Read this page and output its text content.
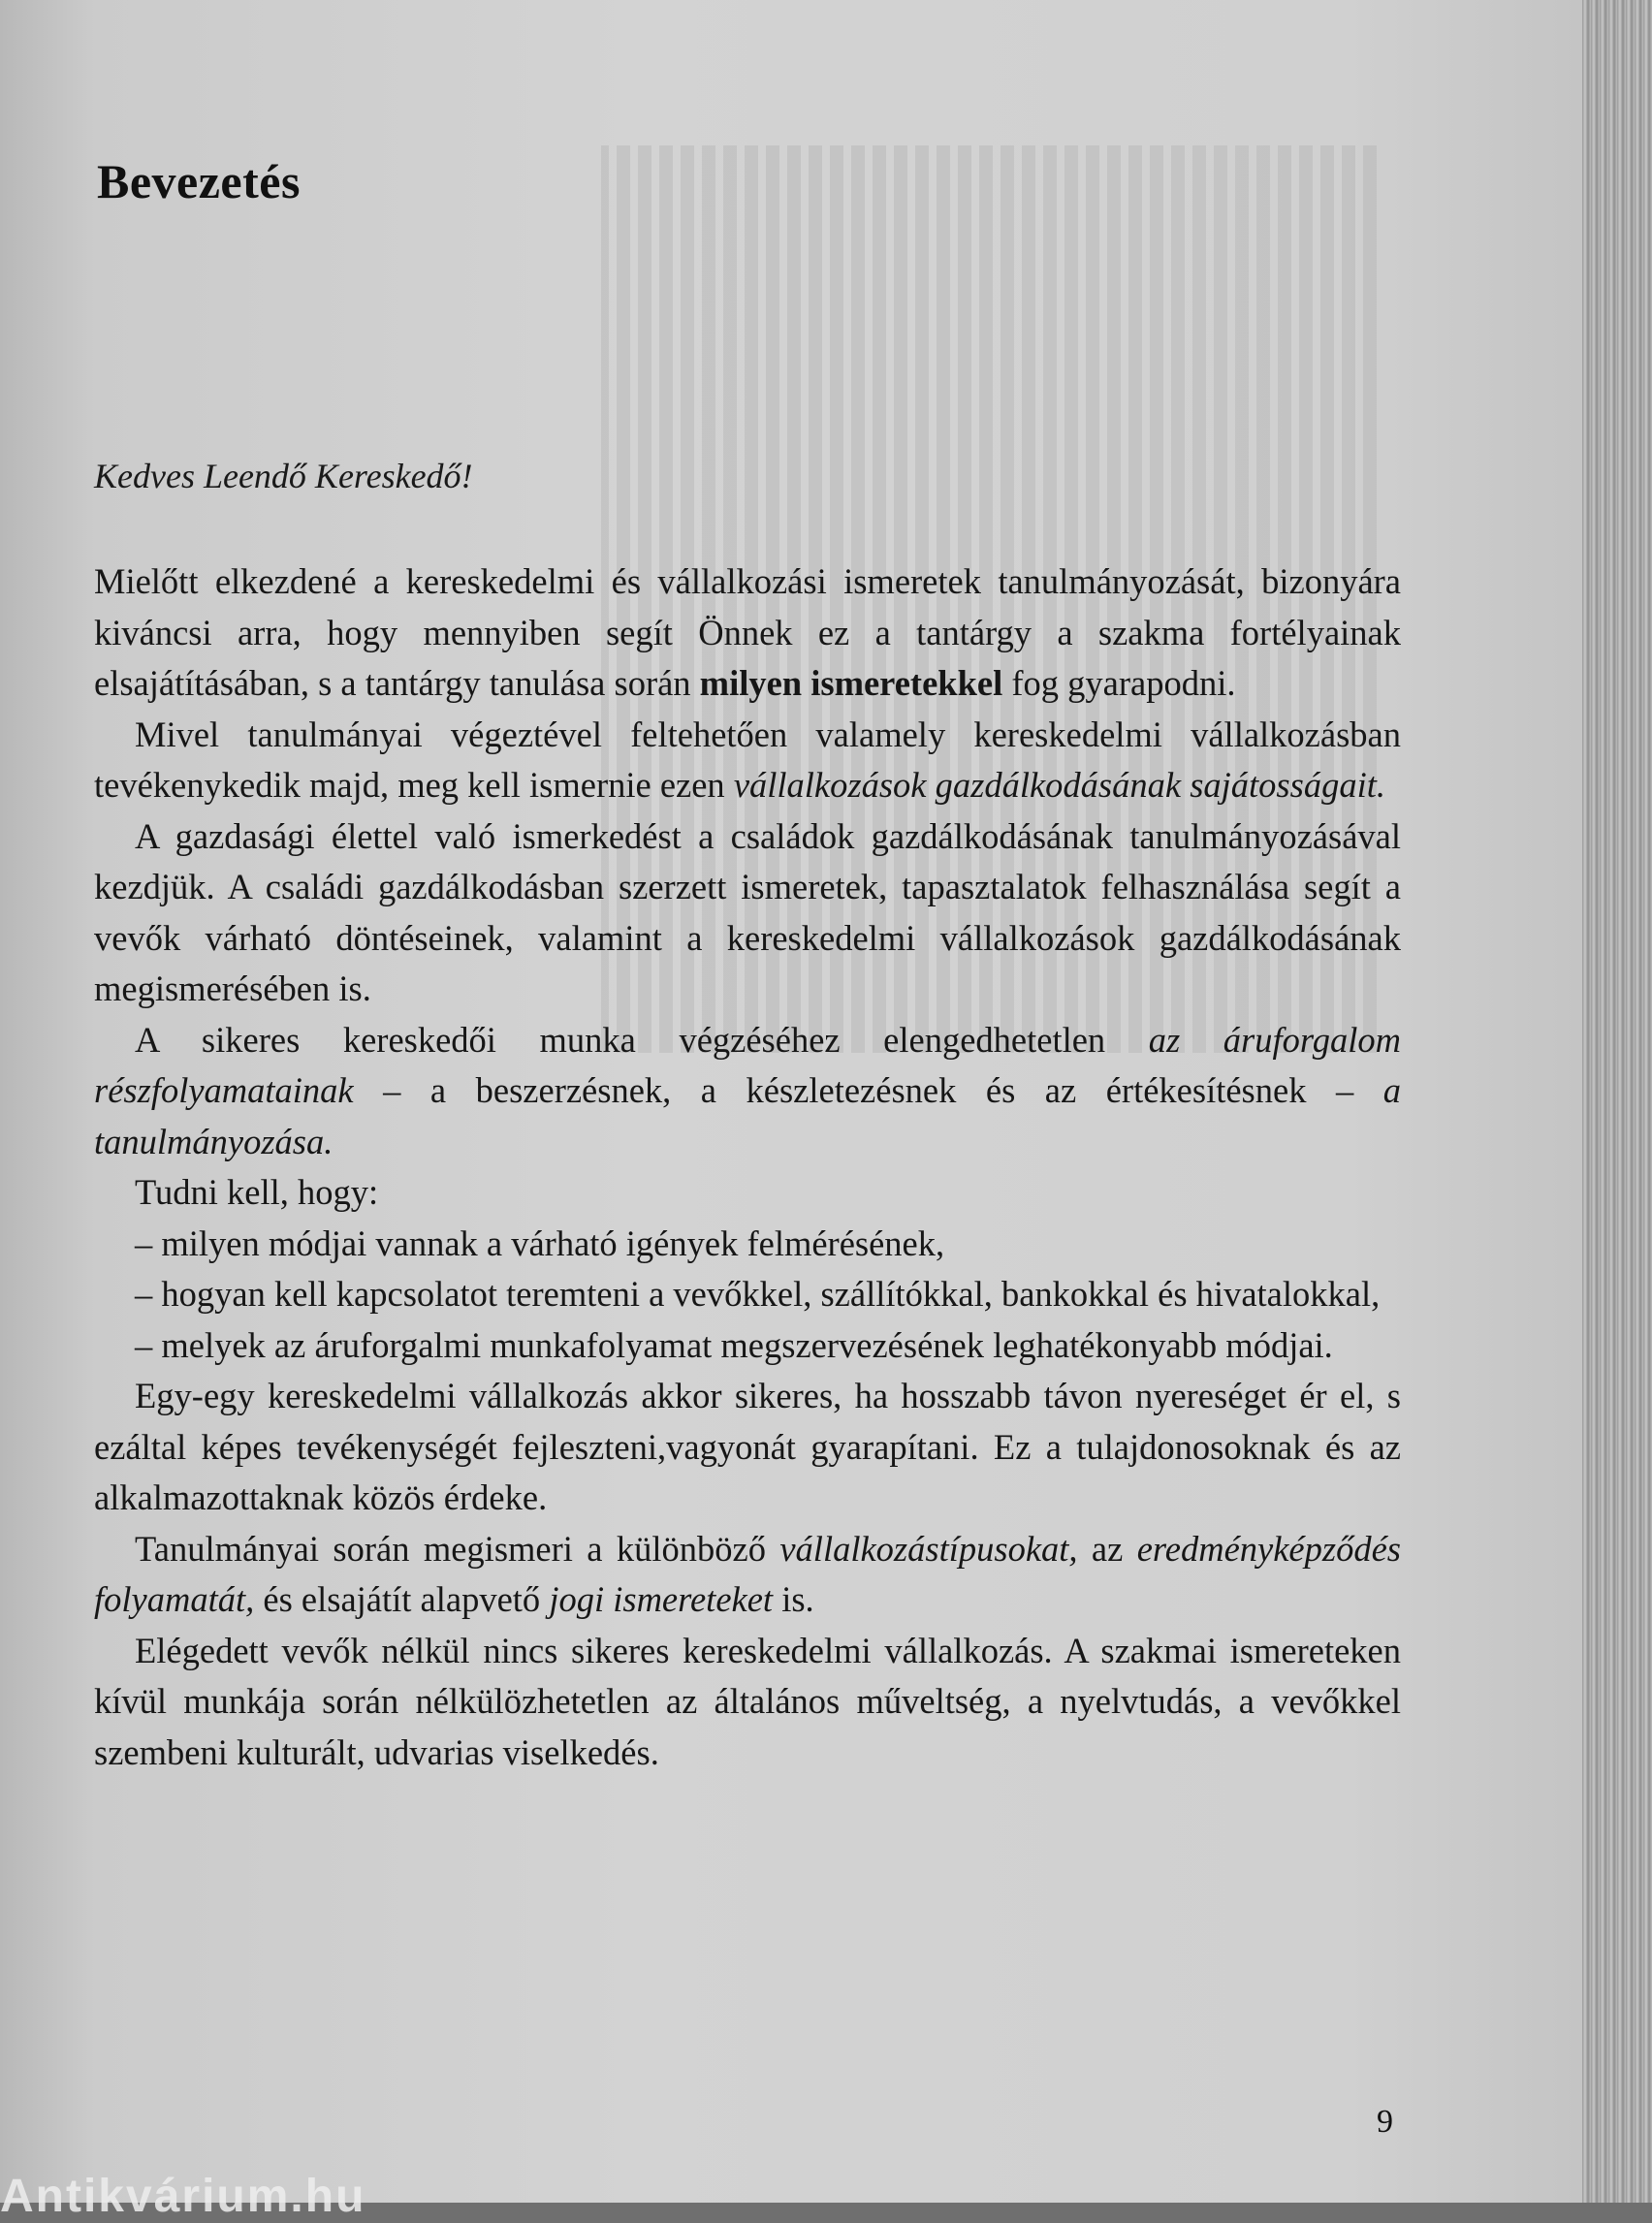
Bevezetés

Kedves Leendő Kereskedő!

Mielőtt elkezdené a kereskedelmi és vállalkozási ismeretek tanulmányozását, bizonyára kiváncsi arra, hogy mennyiben segít Önnek ez a tantárgy a szakma fortélyainak elsajátításában, s a tantárgy tanulása során milyen ismeretekkel fog gyarapodni.

Mivel tanulmányai végeztével feltehetően valamely kereskedelmi vállalkozásban tevékenykedik majd, meg kell ismernie ezen vállalkozások gazdálkodásának sajátosságait.

A gazdasági élettel való ismerkedést a családok gazdálkodásának tanulmányozásával kezdjük. A családi gazdálkodásban szerzett ismeretek, tapasztalatok felhasználása segít a vevők várható döntéseinek, valamint a kereskedelmi vállalkozások gazdálkodásának megismerésében is.

A sikeres kereskedői munka végzéséhez elengedhetetlen az áruforgalom részfolyamatainak – a beszerzésnek, a készletezésnek és az értékesítésnek – a tanulmányozása.

Tudni kell, hogy:

– milyen módjai vannak a várható igények felmérésének,

– hogyan kell kapcsolatot teremteni a vevőkkel, szállítókkal, bankokkal és hivatalokkal,

– melyek az áruforgalmi munkafolyamat megszervezésének leghatékonyabb módjai.

Egy-egy kereskedelmi vállalkozás akkor sikeres, ha hosszabb távon nyereséget ér el, s ezáltal képes tevékenységét fejleszteni,vagyonát gyarapítani. Ez a tulajdonosoknak és az alkalmazottaknak közös érdeke.

Tanulmányai során megismeri a különböző vállalkozástípusokat, az eredményképződés folyamatát, és elsajátít alapvető jogi ismereteket is.

Elégedett vevők nélkül nincs sikeres kereskedelmi vállalkozás. A szakmai ismereteken kívül munkája során nélkülözhetetlen az általános műveltség, a nyelvtudás, a vevőkkel szembeni kulturált, udvarias viselkedés.

9
Antikvárium.hu
